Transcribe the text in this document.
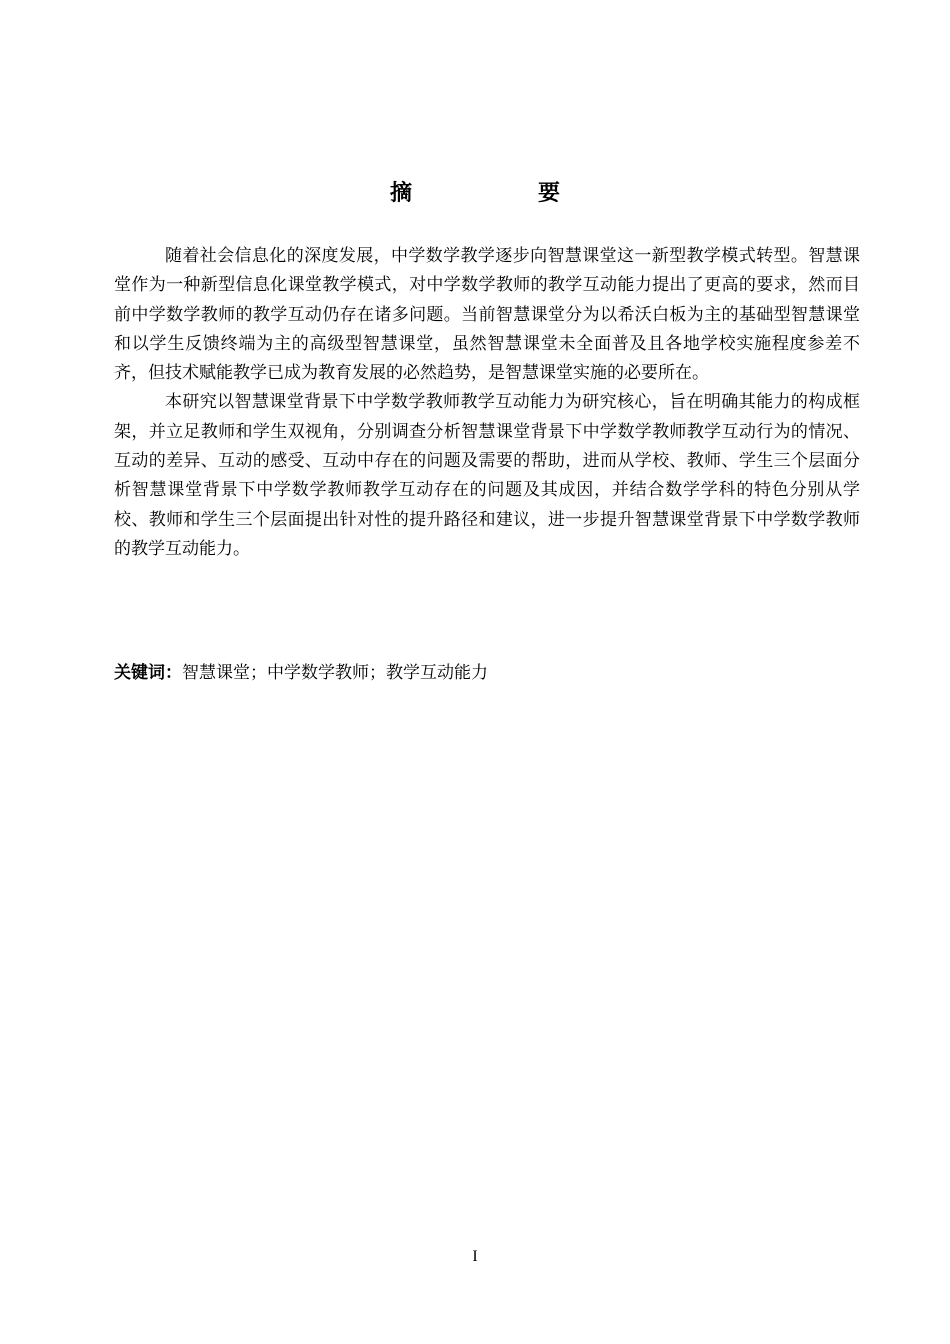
摘　要

随着社会信息化的深度发展，中学数学教学逐步向智慧课堂这一新型教学模式转型。智慧课堂作为一种新型信息化课堂教学模式，对中学数学教师的教学互动能力提出了更高的要求，然而目前中学数学教师的教学互动仍存在诸多问题。当前智慧课堂分为以希沃白板为主的基础型智慧课堂和以学生反馈终端为主的高级型智慧课堂，虽然智慧课堂未全面普及且各地学校实施程度参差不齐，但技术赋能教学已成为教育发展的必然趋势，是智慧课堂实施的必要所在。

本研究以智慧课堂背景下中学数学教师教学互动能力为研究核心，旨在明确其能力的构成框架，并立足教师和学生双视角，分别调查分析智慧课堂背景下中学数学教师教学互动行为的情况、互动的差异、互动的感受、互动中存在的问题及需要的帮助，进而从学校、教师、学生三个层面分析智慧课堂背景下中学数学教师教学互动存在的问题及其成因，并结合数学学科的特色分别从学校、教师和学生三个层面提出针对性的提升路径和建议，进一步提升智慧课堂背景下中学数学教师的教学互动能力。

关键词：智慧课堂；中学数学教师；教学互动能力
I
